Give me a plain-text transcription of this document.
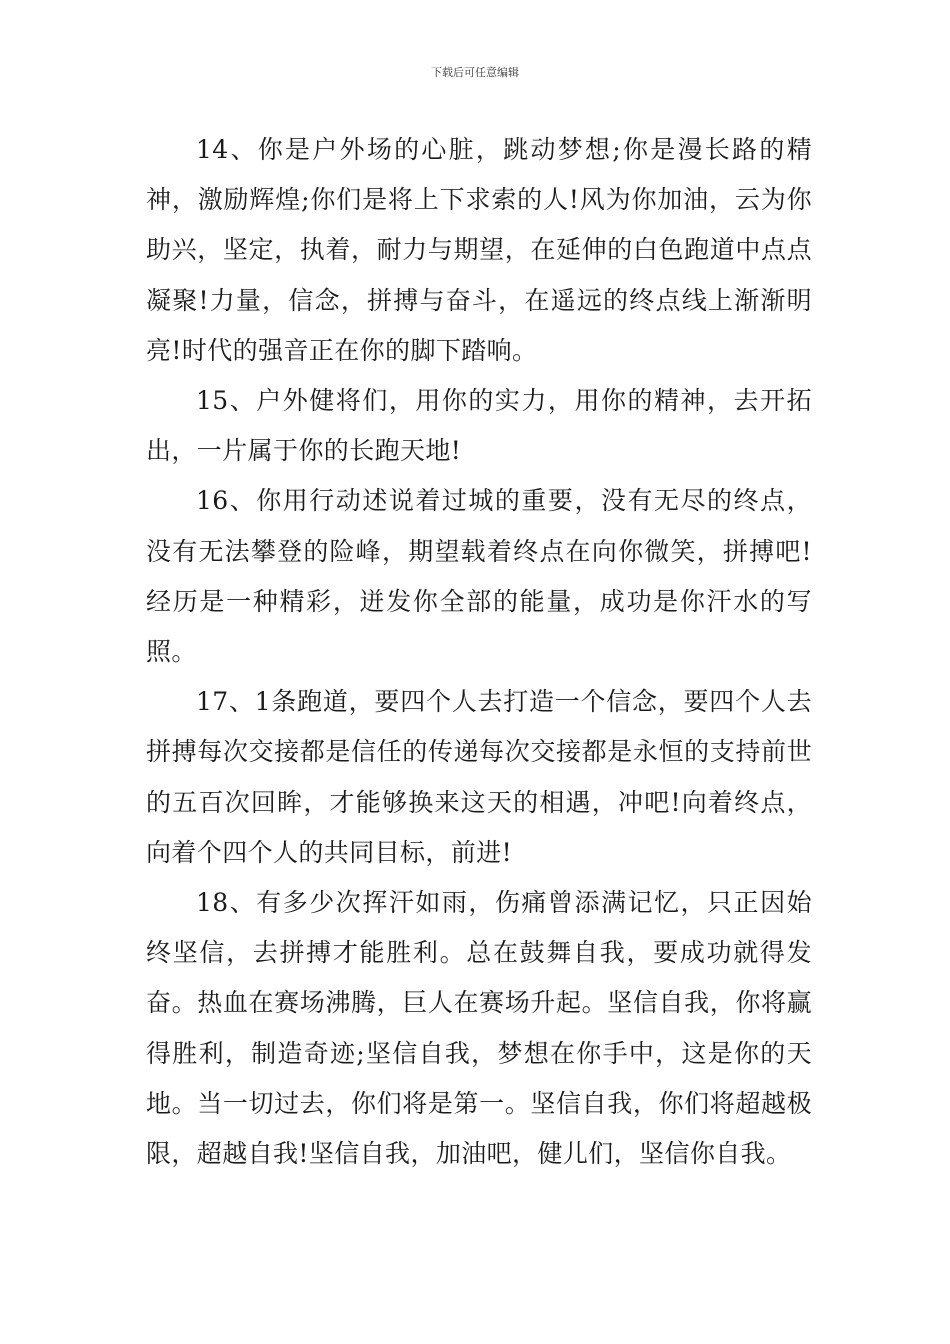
下载后可任意编辑

14、你是户外场的心脏，跳动梦想;你是漫长路的精神，激励辉煌;你们是将上下求索的人!风为你加油，云为你助兴，坚定，执着，耐力与期望，在延伸的白色跑道中点点凝聚!力量，信念，拼搏与奋斗，在遥远的终点线上渐渐明亮!时代的强音正在你的脚下踏响。

15、户外健将们，用你的实力，用你的精神，去开拓出，一片属于你的长跑天地!

16、你用行动述说着过城的重要，没有无尽的终点，没有无法攀登的险峰，期望载着终点在向你微笑，拼搏吧!经历是一种精彩，迸发你全部的能量，成功是你汗水的写照。

17、1条跑道，要四个人去打造一个信念，要四个人去拼搏每次交接都是信任的传递每次交接都是永恒的支持前世的五百次回眸，才能够换来这天的相遇，冲吧!向着终点，向着个四个人的共同目标，前进!

18、有多少次挥汗如雨，伤痛曾添满记忆，只正因始终坚信，去拼搏才能胜利。总在鼓舞自我，要成功就得发奋。热血在赛场沸腾，巨人在赛场升起。坚信自我，你将赢得胜利，制造奇迹;坚信自我，梦想在你手中，这是你的天地。当一切过去，你们将是第一。坚信自我，你们将超越极限，超越自我!坚信自我，加油吧，健儿们，坚信你自我。
